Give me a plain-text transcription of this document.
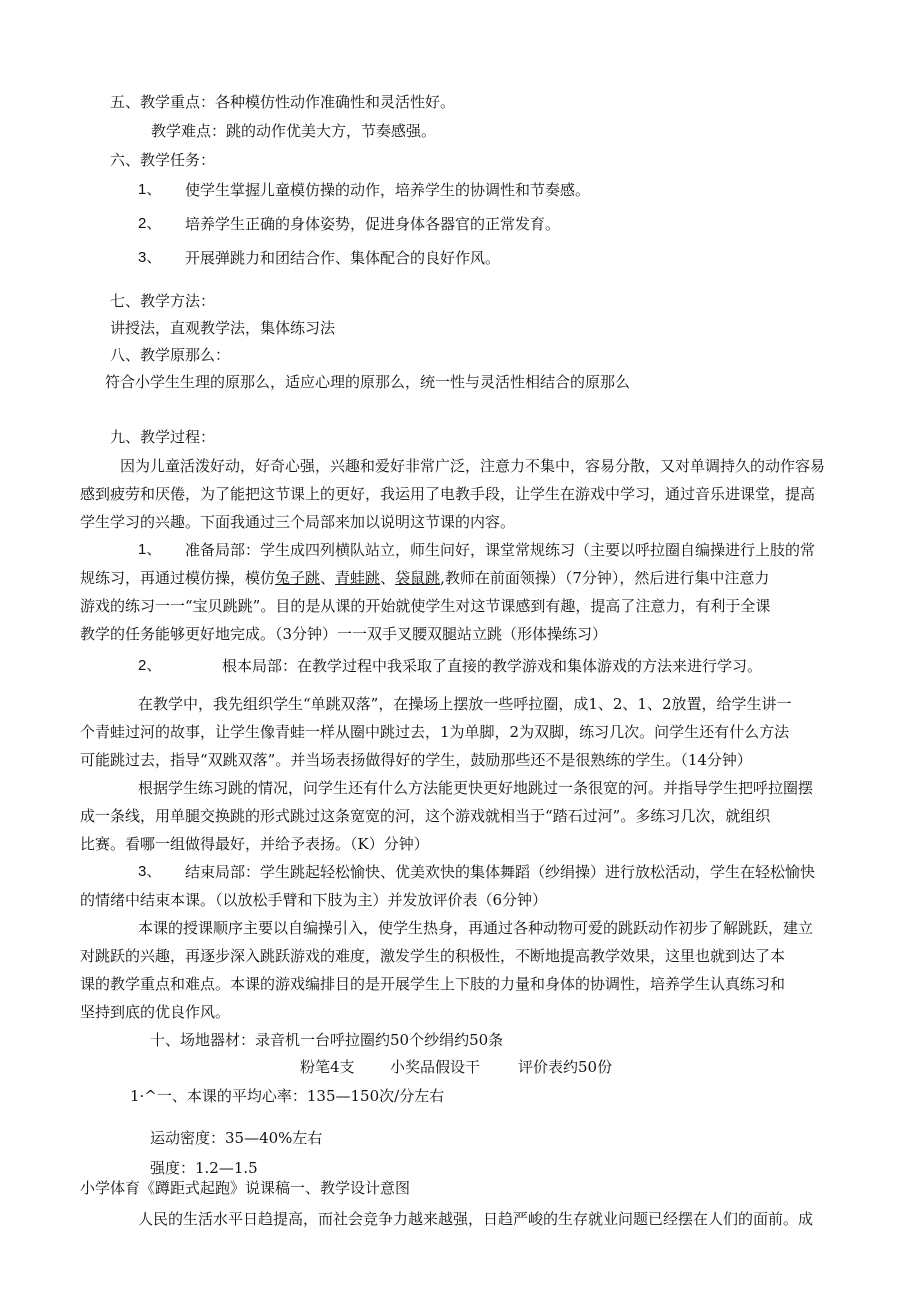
五、教学重点：各种模仿性动作准确性和灵活性好。
教学难点：跳的动作优美大方，节奏感强。
六、教学任务：
1、 使学生掌握儿童模仿操的动作，培养学生的协调性和节奏感。
2、 培养学生正确的身体姿势，促进身体各器官的正常发育。
3、 开展弹跳力和团结合作、集体配合的良好作风。
七、教学方法：
讲授法，直观教学法，集体练习法
八、教学原那么：
符合小学生生理的原那么，适应心理的原那么，统一性与灵活性相结合的原那么
九、教学过程：
因为儿童活泼好动，好奇心强，兴趣和爱好非常广泛，注意力不集中，容易分散，又对单调持久的动作容易
感到疲劳和厌倦，为了能把这节课上的更好，我运用了电教手段，让学生在游戏中学习，通过音乐进课堂，提高
学生学习的兴趣。下面我通过三个局部来加以说明这节课的内容。
1、 准备局部：学生成四列横队站立，师生问好，课堂常规练习（主要以呼拉圈自编操进行上肢的常
规练习，再通过模仿操，模仿兔子跳、青蛙跳、袋鼠跳,教师在前面领操）（7分钟），然后进行集中注意力
游戏的练习一一“宝贝跳跳”。目的是从课的开始就使学生对这节课感到有趣，提高了注意力，有利于全课
教学的任务能够更好地完成。（3分钟）一一双手叉腰双腿站立跳（形体操练习）
2、	根本局部：在教学过程中我采取了直接的教学游戏和集体游戏的方法来进行学习。
在教学中，我先组织学生“单跳双落”，在操场上摆放一些呼拉圈，成1、2、1、2放置，给学生讲一
个青蛙过河的故事，让学生像青蛙一样从圈中跳过去，1为单脚，2为双脚，练习几次。问学生还有什么方法
可能跳过去，指导“双跳双落”。并当场表扬做得好的学生，鼓励那些还不是很熟练的学生。（14分钟）
根据学生练习跳的情况，问学生还有什么方法能更快更好地跳过一条很宽的河。并指导学生把呼拉圈摆
成一条线，用单腿交换跳的形式跳过这条宽宽的河，这个游戏就相当于“踏石过河”。多练习几次，就组织
比赛。看哪一组做得最好，并给予表扬。（K）分钟）
3、 结束局部：学生跳起轻松愉快、优美欢快的集体舞蹈（纱绢操）进行放松活动，学生在轻松愉快
的情绪中结束本课。（以放松手臂和下肢为主）并发放评价表（6分钟）
本课的授课顺序主要以自编操引入，使学生热身，再通过各种动物可爱的跳跃动作初步了解跳跃，建立
对跳跃的兴趣，再逐步深入跳跃游戏的难度，激发学生的积极性，不断地提高教学效果，这里也就到达了本
课的教学重点和难点。本课的游戏编排目的是开展学生上下肢的力量和身体的协调性，培养学生认真练习和
坚持到底的优良作风。
十、场地器材：录音机一台呼拉圈约50个纱绢约50条
粉笔4支 小奖品假设干	评价表约50份
1·^一、本课的平均心率：135—150次/分左右
运动密度：35—40%左右
强度：1.2—1.5
小学体育《蹲距式起跑》说课稿一、教学设计意图
人民的生活水平日趋提高，而社会竞争力越来越强，日趋严峻的生存就业问题已经摆在人们的面前。成
